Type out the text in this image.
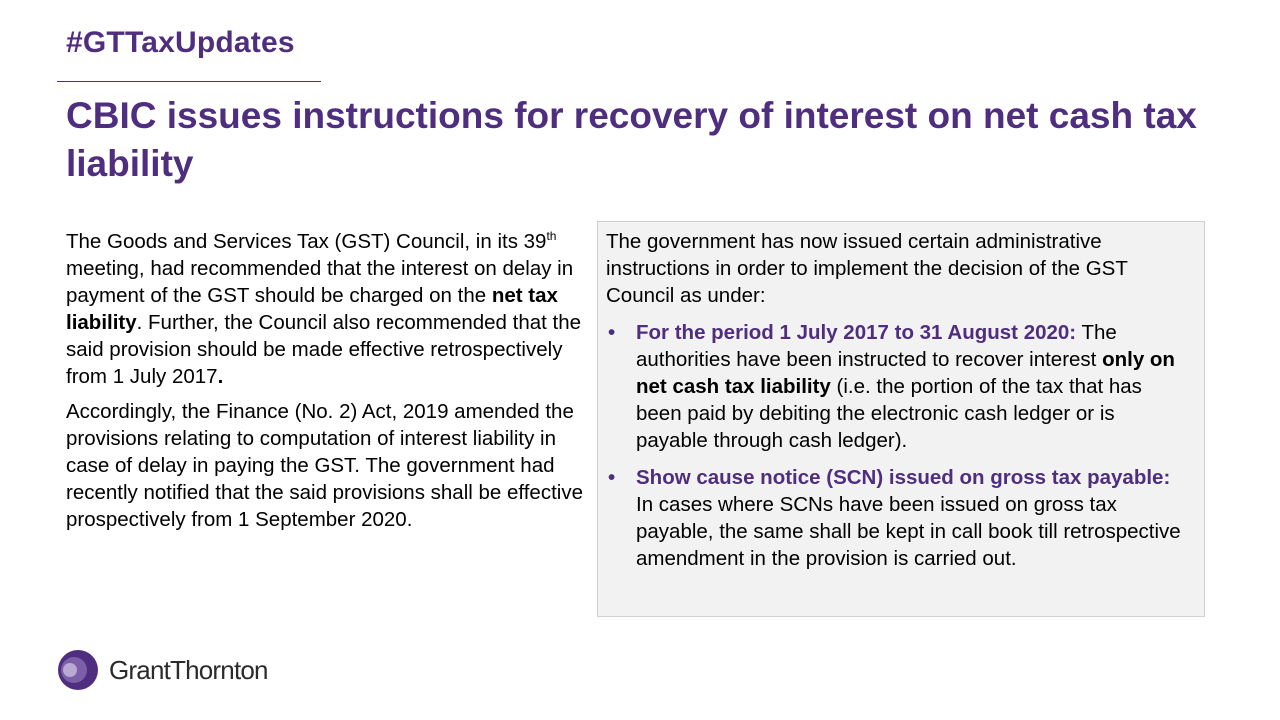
#GTTaxUpdates
CBIC issues instructions for recovery of interest on net cash tax liability

The Goods and Services Tax (GST) Council, in its 39th meeting, had recommended that the interest on delay in payment of the GST should be charged on the net tax liability. Further, the Council also recommended that the said provision should be made effective retrospectively from 1 July 2017.

Accordingly, the Finance (No. 2) Act, 2019 amended the provisions relating to computation of interest liability in case of delay in paying the GST. The government had recently notified that the said provisions shall be effective prospectively from 1 September 2020.

The government has now issued certain administrative instructions in order to implement the decision of the GST Council as under:

• For the period 1 July 2017 to 31 August 2020: The authorities have been instructed to recover interest only on net cash tax liability (i.e. the portion of the tax that has been paid by debiting the electronic cash ledger or is payable through cash ledger).
• Show cause notice (SCN) issued on gross tax payable: In cases where SCNs have been issued on gross tax payable, the same shall be kept in call book till retrospective amendment in the provision is carried out.
GrantThornton
